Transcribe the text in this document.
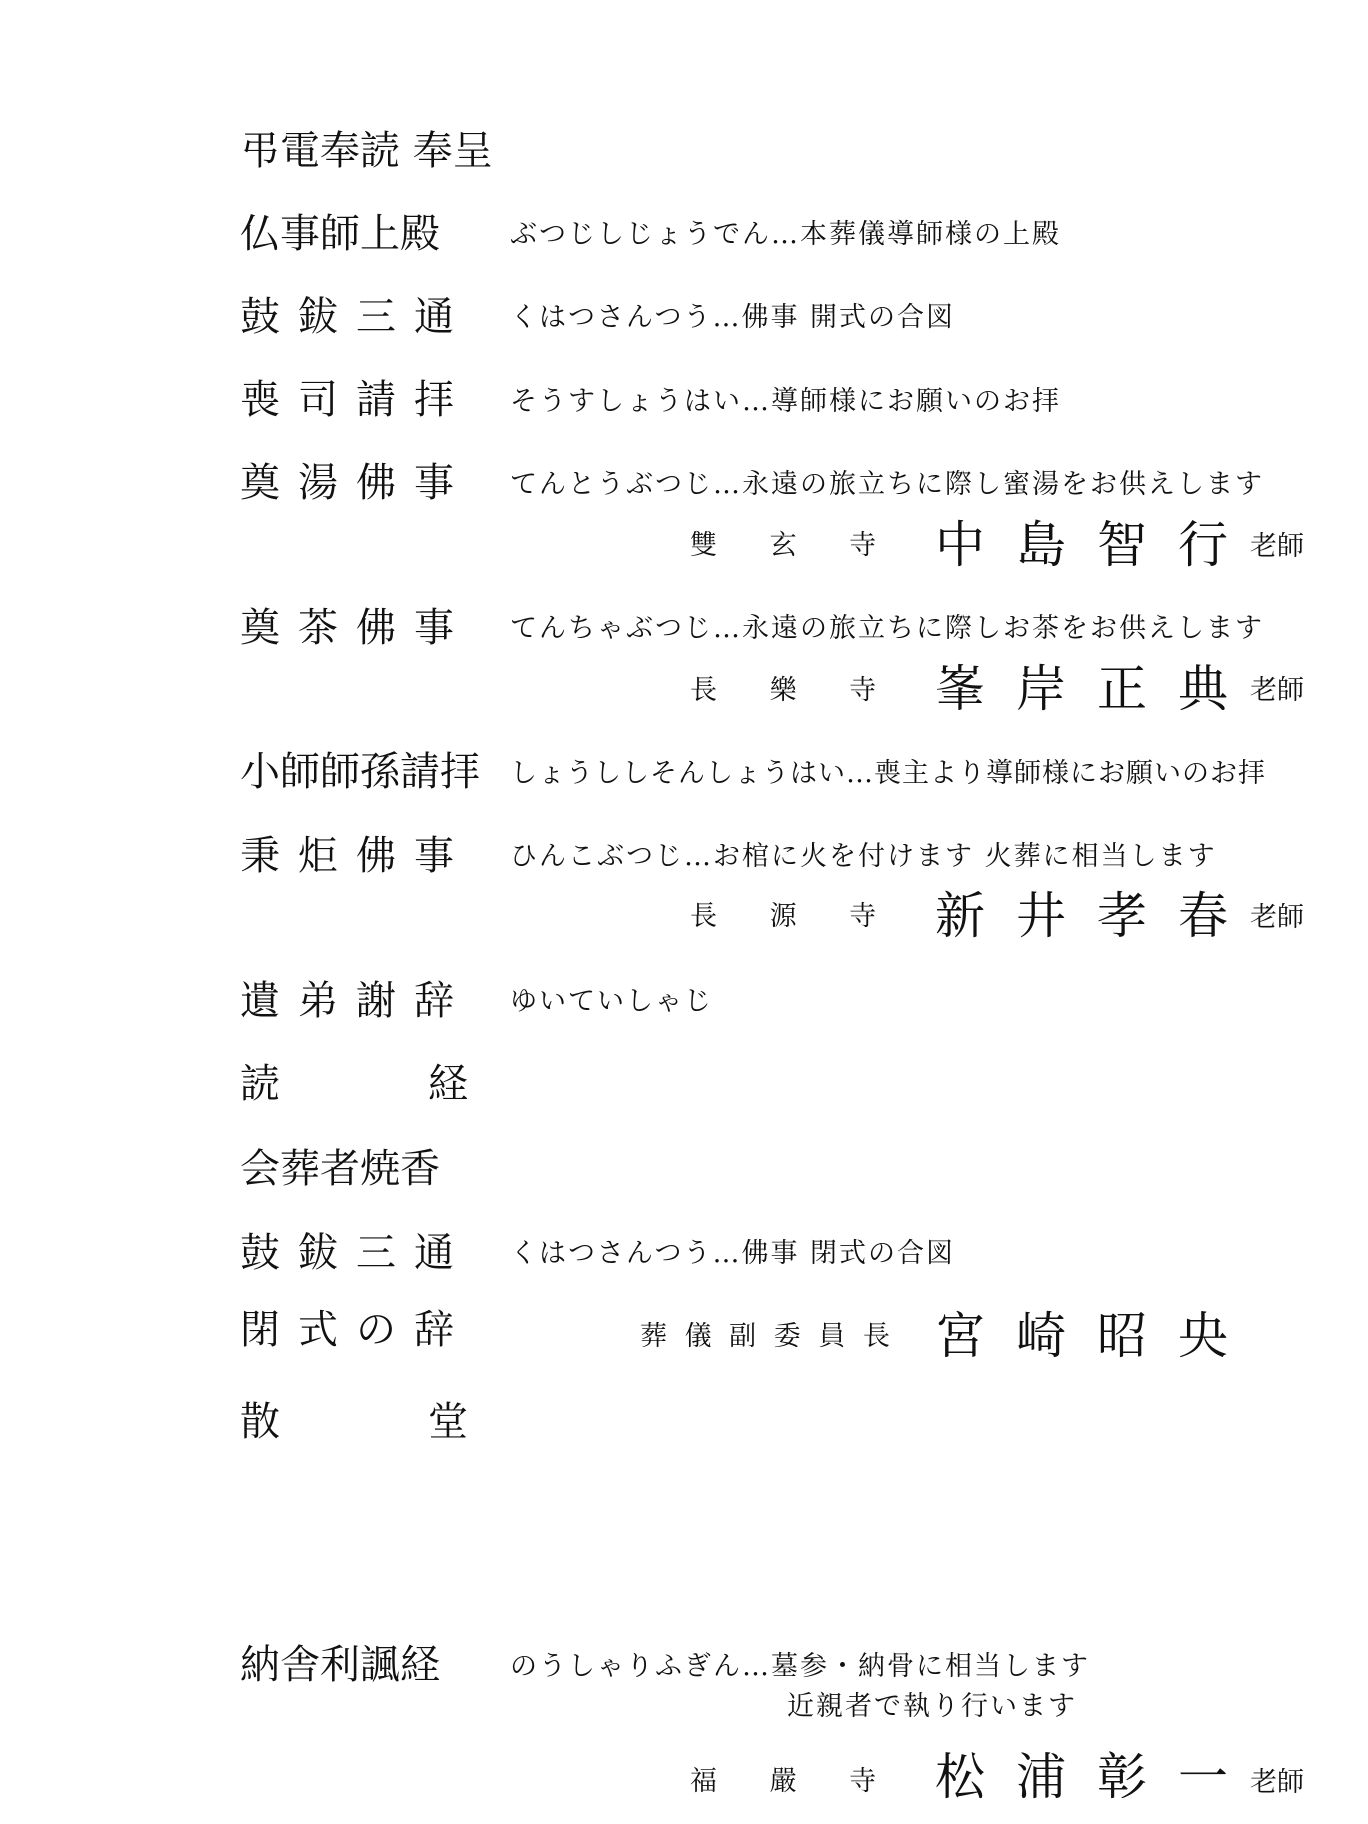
弔電奉読 奉呈
仏事師上殿	ぶつじしじょうでん…本葬儀導師様の上殿
鼓鈸三通 くはつさんつう…佛事 開式の合図
喪司請拝 そうすしょうはい…導師様にお願いのお拝
奠湯佛事 てんとうぶつじ…永遠の旅立ちに際し蜜湯をお供えします
雙 玄 寺 中島智行
老師
奠茶佛事 てんちゃぶつじ…永遠の旅立ちに際しお茶をお供えします
長 樂 寺 峯岸正典
老師
小師師孫請拝 しょうししそんしょうはい…喪主より導師様にお願いのお拝
秉炬佛事 ひんこぶつじ…お棺に火を付けます 火葬に相当します
長 源 寺 新井孝春
老師
遺弟謝辞 ゆいていしゃじ
読経
会葬者焼香
鼓鈸三通 くはつさんつう…佛事 閉式の合図
閉式の辞	葬 儀 副 委 員 長 宮崎昭央
散堂
納舎利諷経	のうしゃりふぎん…墓参・納骨に相当します
近親者で執り行います
福 嚴 寺 松浦彰一
老師
